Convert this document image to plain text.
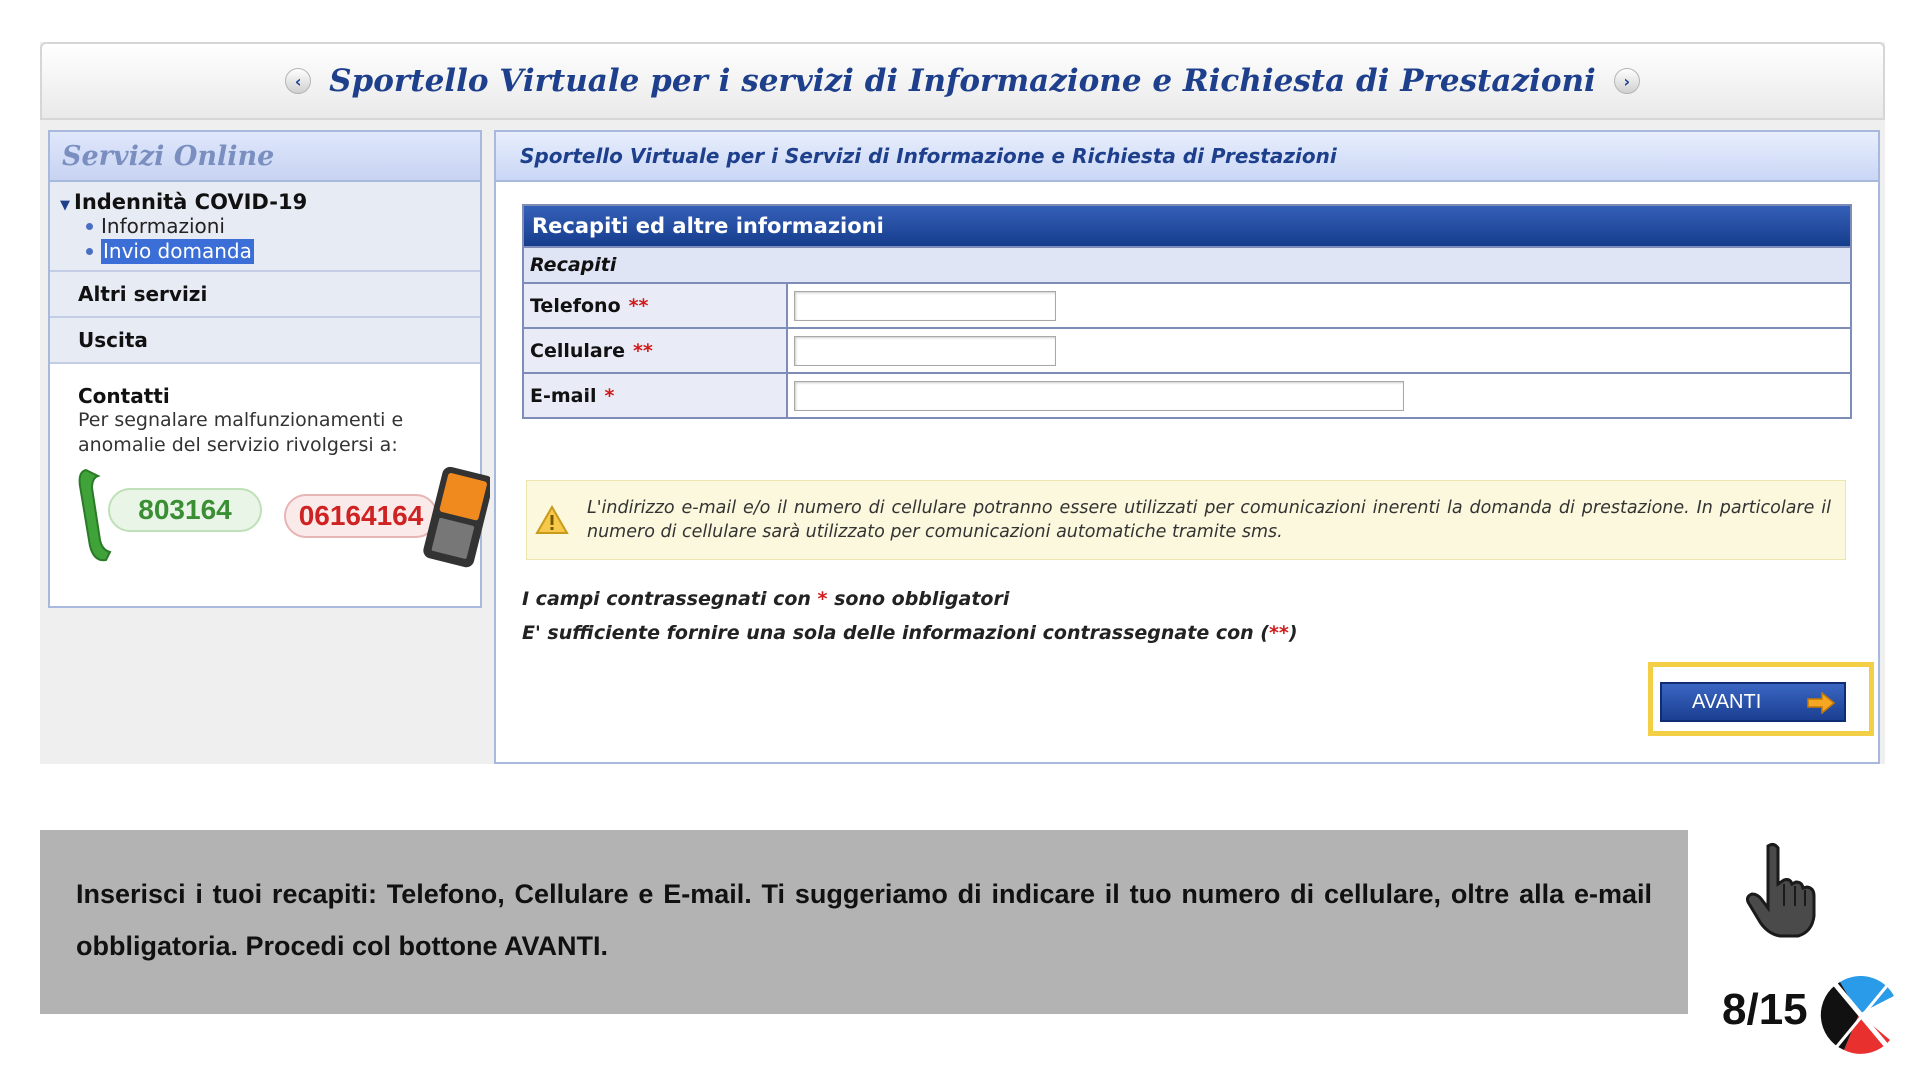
‹ Sportello Virtuale per i servizi di Informazione e Richiesta di Prestazioni	›
Servizi Online
▼ Indennità COVID-19
Informazioni
Invio domanda
Altri servizi
Uscita
Contatti
Per segnalare malfunzionamenti e anomalie del servizio rivolgersi a:
803164	06164164
Sportello Virtuale per i Servizi di Informazione e Richiesta di Prestazioni
Recapiti ed altre informazioni
Recapiti
Telefono **
Cellulare **
E-mail *
L'indirizzo e-mail e/o il numero di cellulare potranno essere utilizzati per comunicazioni inerenti la domanda di prestazione. In particolare il numero di cellulare sarà utilizzato per comunicazioni automatiche tramite sms.
I campi contrassegnati con * sono obbligatori
E' sufficiente fornire una sola delle informazioni contrassegnate con (**)
AVANTI
Inserisci i tuoi recapiti: Telefono, Cellulare e E-mail. Ti suggeriamo di indicare il tuo numero di cellulare, oltre alla e-mail obbligatoria. Procedi col bottone AVANTI.
8/15
